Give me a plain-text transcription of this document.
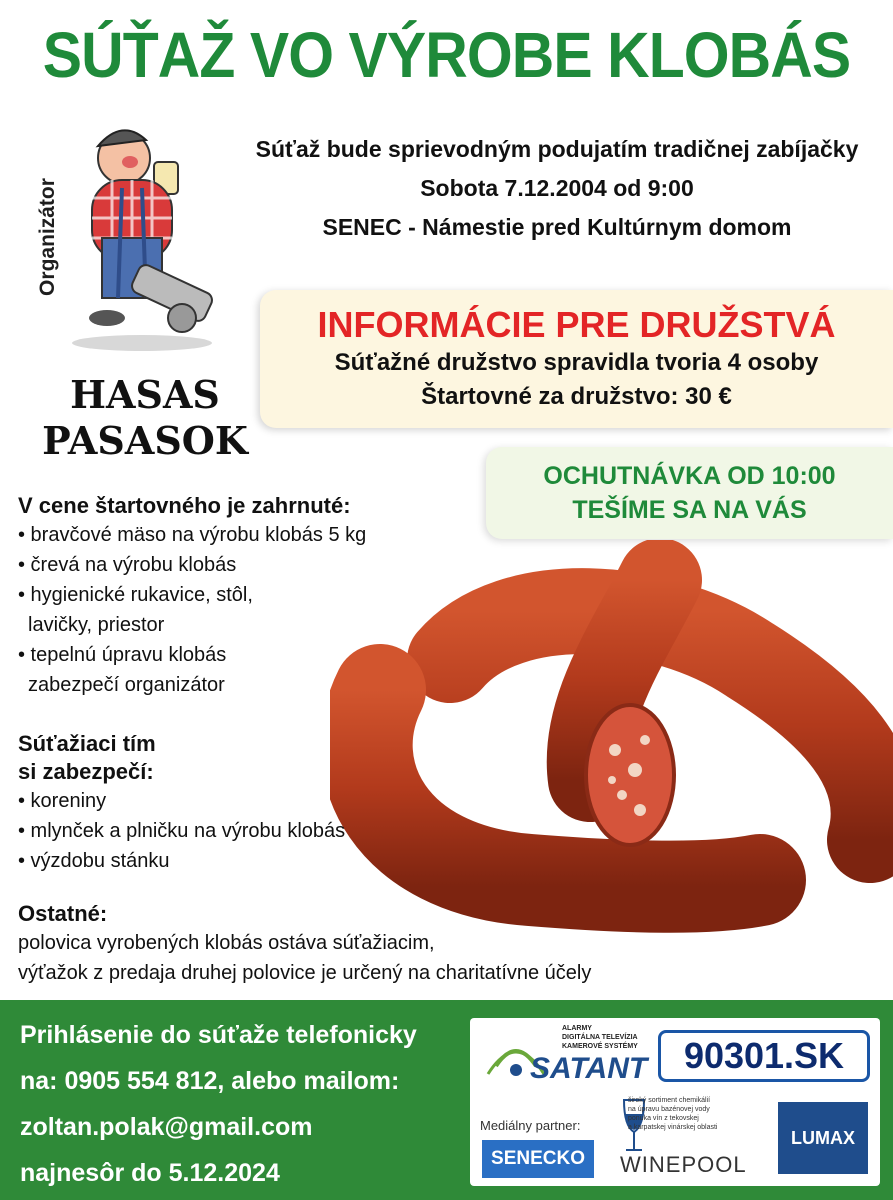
SÚŤAŽ VO VÝROBE KLOBÁS
Organizátor
HASAS
PASASOK
Súťaž bude sprievodným podujatím tradičnej zabíjačky
Sobota 7.12.2004 od 9:00
SENEC - Námestie pred Kultúrnym domom
INFORMÁCIE PRE DRUŽSTVÁ
Súťažné družstvo spravidla tvoria 4 osoby
Štartovné za družstvo: 30 €
OCHUTNÁVKA OD 10:00
TEŠÍME SA NA VÁS
V cene štartovného je zahrnuté:
• bravčové mäso na výrobu klobás 5 kg
• črevá na výrobu klobás
• hygienické rukavice, stôl,
lavičky, priestor
• tepelnú úpravu klobás
zabezpečí organizátor
Súťažiaci tím
si zabezpečí:
• koreniny
• mlynček a plničku na výrobu klobás
• výzdobu stánku
Ostatné:
polovica vyrobených klobás ostáva súťažiacim,
výťažok z predaja druhej polovice je určený na charitatívne účely
Prihlásenie do súťaže telefonicky
na: 0905 554 812, alebo mailom:
zoltan.polak@gmail.com
najnesôr do 5.12.2024
ALARMY
DIGITÁLNA TELEVÍZIA
KAMEROVÉ SYSTÉMY
SATANT	90301.SK
Mediálny partner:
SENECKO
široký sortiment chemikálií
na úpravu bazénovej vody
ponuka vín z tekovskej
a karpatskej vinárskej oblasti
WINEPOOL
LUMAX
